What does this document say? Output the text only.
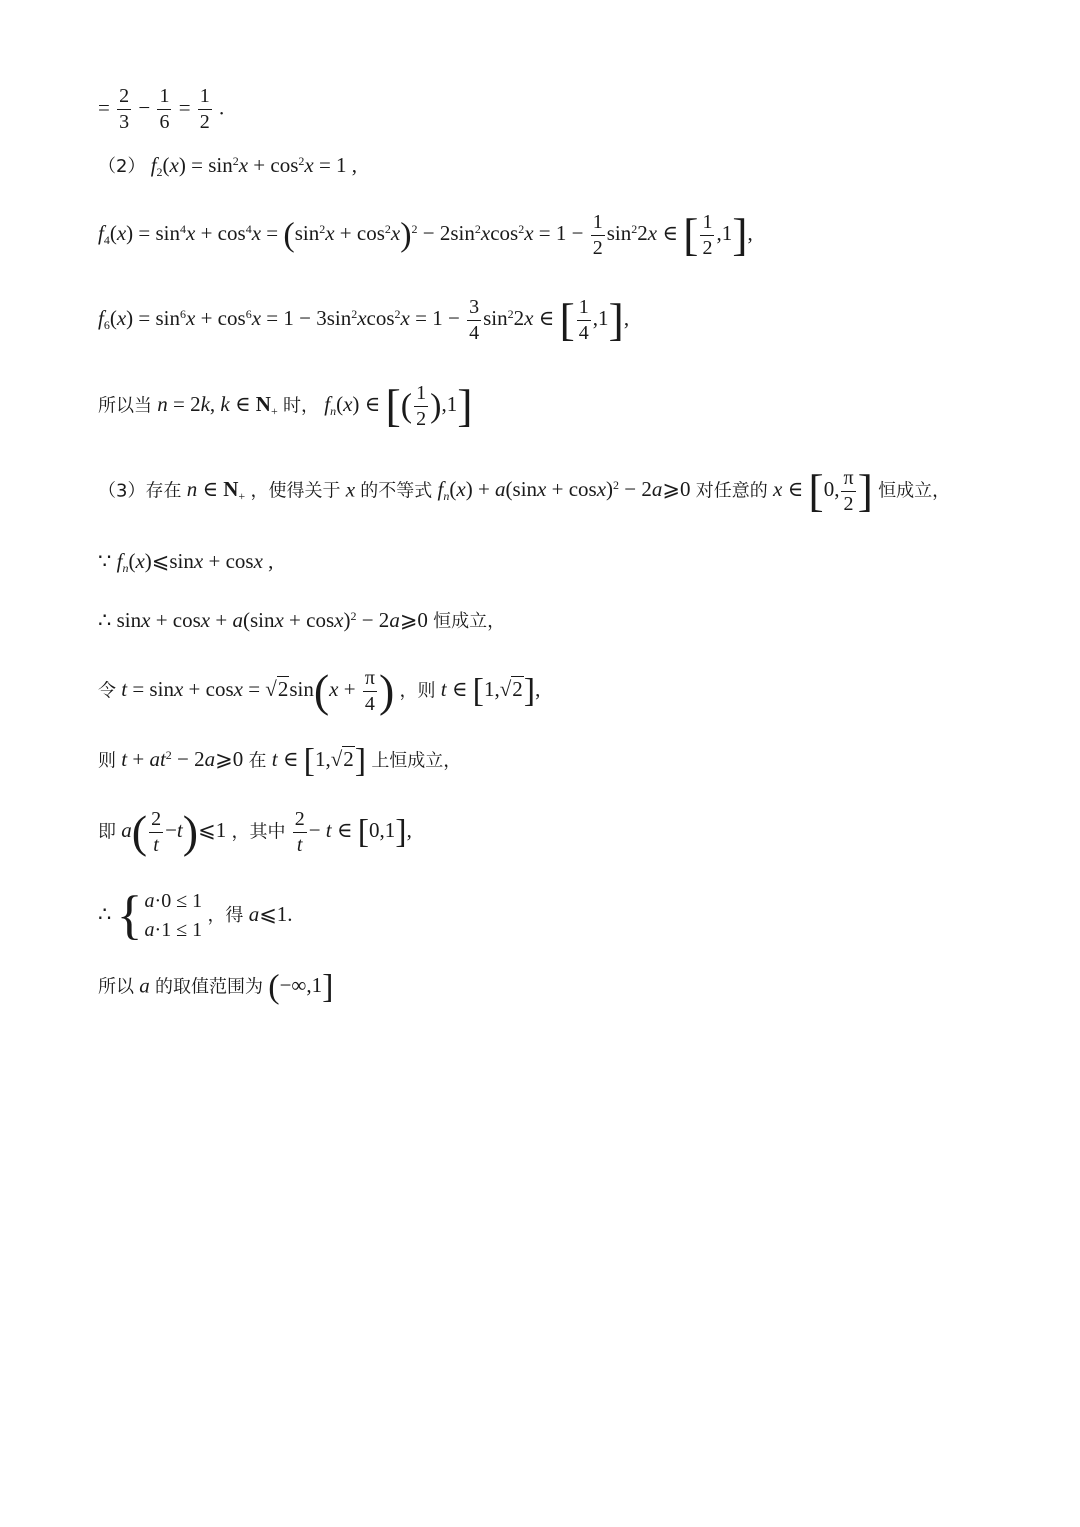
= $\frac{2}{3} - \frac{1}{6} = \frac{1}{2}$ .
（2） $f_2(x) = \sin^2x + \cos^2x = 1$ ,
$f_4(x) = \sin^4x + \cos^4x = (\sin^2x + \cos^2x)^2 - 2\sin^2xcos^2x = 1 - \frac{1}{2} \sin^22x$ ∈ [ $\frac{1}{2} ,1$],
$f_6(x) = \sin^6x + \cos^6x = 1 - 3\sin^2xcos^2x = 1 - \frac{3}{4} \sin^22x$ ∈ [ $\frac{1}{4} ,1$],
所以当 n = 2k, k ∈ $N_+$ 时， $f_n(x)$ ∈ [( $\frac{1}{2} ),1$]
（3）存在 n ∈ $N_+$ ，使得关于 x 的不等式 $f_n(x) + a(\sin x + \cos x)^2$ − 2a⩾0 对任意的 x ∈ [0, $\frac{\pi}{2}$ ] 恒成立，
∵ $f_n(x)⩽\sin x + \cos x$ ,
∴ $\sin x + \cos x + a(\sin x + \cos x)^2$ − 2a⩾0 恒成立，
令 $t = \sin x + \cos x = √2\sin(x + \frac{\pi}{4}$ ) ，则 t ∈ [1,√2],
则 $t + at^2$ − 2a⩾0 在 t ∈ [1,√2] 上恒成立，
即 $a( \frac{2}{t}$ −t)⩽1 ，其中 $\frac{2}{t} - t$ ∈ [0,1],
∴ { a·0 ≤ 1
a·1 ≤ 1
，得 a⩽1.
所以 a 的取值范围为 (−∞,1]
